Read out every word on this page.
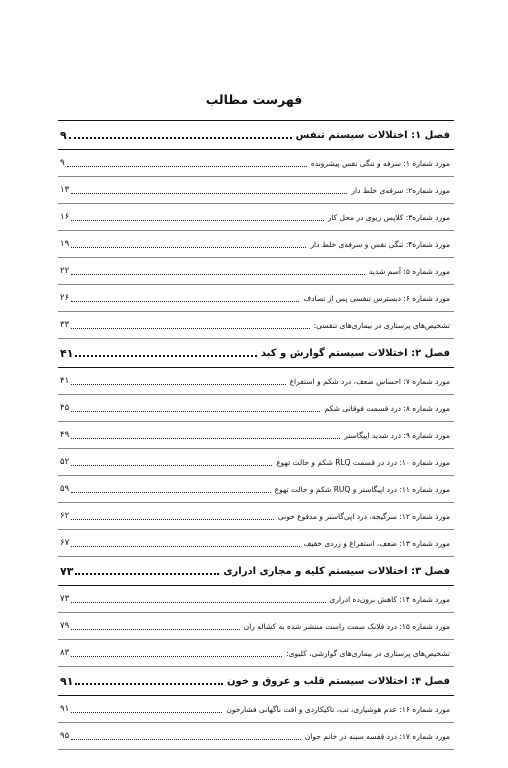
فهرست مطالب
فصل ۱: اختلالات سیستم تنفس
۹
مورد شماره ۱: سرفه و تنگی نفس پیشرونده
۹
مورد شماره۲: سرفه‌ی خلط دار
۱۳
مورد شماره۳: کلاپس ریوی در محل کار
۱۶
مورد شماره۴: تنگی نفس و سرفه‌ی خلط دار
۱۹
مورد شماره ۵: آسم شدید
۲۲
مورد شماره ۶: دیسترس تنفسی پس از تصادف
۲۶
تشخیص‌های پرستاری در بیماری‌های تنفسی:
۳۳
فصل ۲: اختلالات سیستم گوارش و کبد
۴۱
مورد شماره ۷: احساس ضعف، درد شکم و استفراغ
۴۱
مورد شماره ۸: درد قسمت فوقانی شکم
۴۵
مورد شماره ۹: درد شدید اپیگاستر
۴۹
مورد شماره ۱۰: درد در قسمت RLQ شکم و حالت تهوع
۵۲
مورد شماره ۱۱: درد اپیگاستر و RUQ شکم و حالت تهوع
۵۹
مورد شماره ۱۲: سرگیجه، درد اپی‌گاستر و مدفوع خونی
۶۲
مورد شماره ۱۳: ضعف، استفراغ و زردی خفیف
۶۷
فصل ۳: اختلالات سیستم کلیه و مجاری ادراری
۷۳
مورد شماره ۱۴: کاهش برون‌ده ادراری
۷۳
مورد شماره ۱۵: درد فلانک سمت راست منتشر شده به کشاله ران
۷۹
تشخیص‌های پرستاری در بیماری‌های گوارشی، کلیوی:
۸۳
فصل ۴: اختلالات سیستم قلب و عروق و خون
۹۱
مورد شماره ۱۶: عدم هوشیاری، تب، تاکیکاردی و افت ناگهانی فشارخون
۹۱
مورد شماره ۱۷: درد قفسه سینه در خانم جوان
۹۵
